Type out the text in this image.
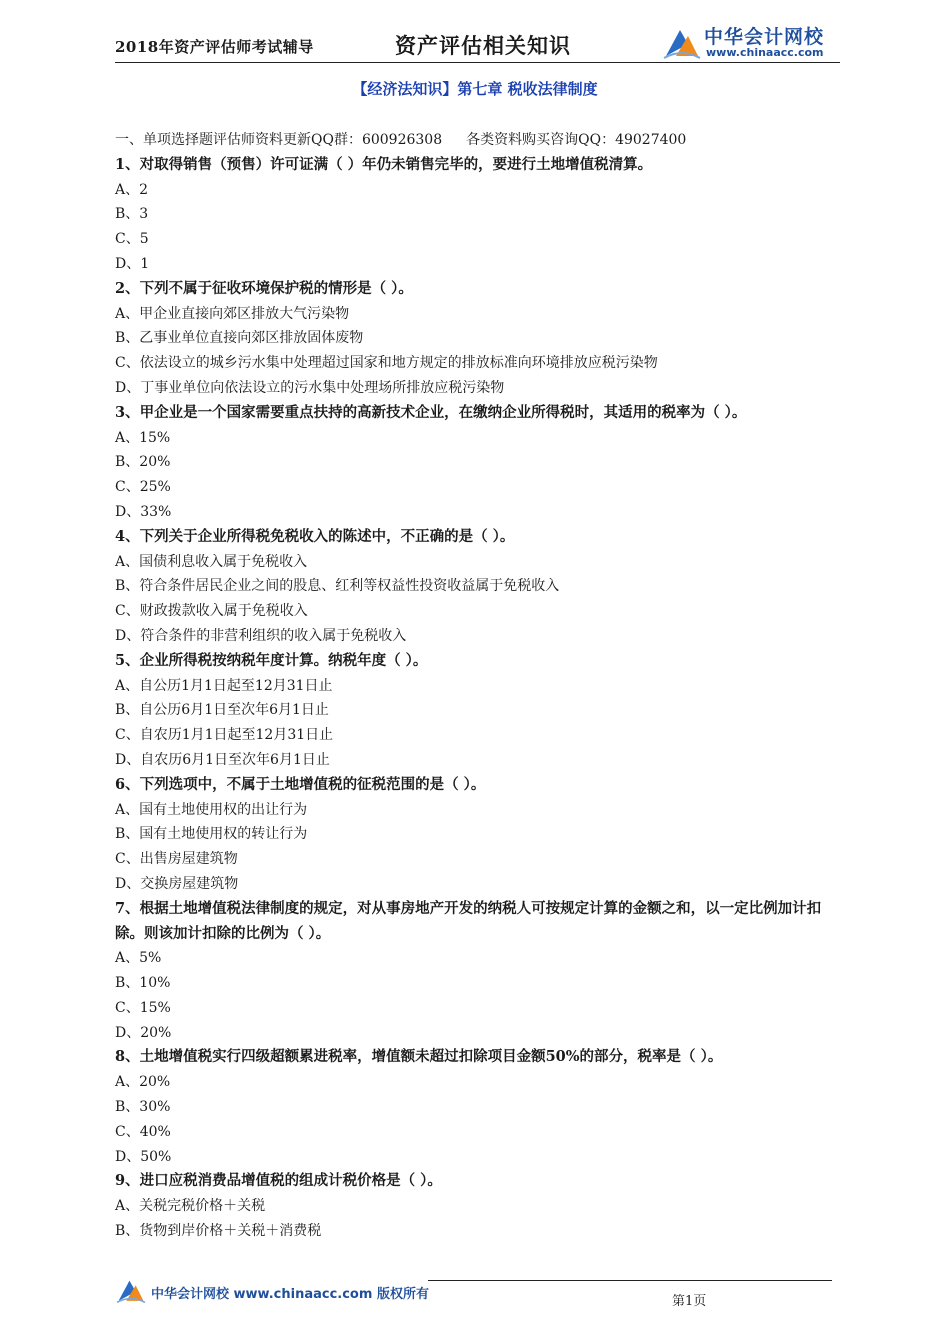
2018年资产评估师考试辅导	资产评估相关知识	中华会计网校
www.chinaacc.com
【经济法知识】第七章 税收法律制度
一、单项选择题评估师资料更新QQ群：600926308 各类资料购买咨询QQ：49027400
1、对取得销售（预售）许可证满（ ）年仍未销售完毕的，要进行土地增值税清算。
A、2
B、3
C、5
D、1
2、下列不属于征收环境保护税的情形是（ ）。
A、甲企业直接向郊区排放大气污染物
B、乙事业单位直接向郊区排放固体废物
C、依法设立的城乡污水集中处理超过国家和地方规定的排放标准向环境排放应税污染物
D、丁事业单位向依法设立的污水集中处理场所排放应税污染物
3、甲企业是一个国家需要重点扶持的高新技术企业，在缴纳企业所得税时，其适用的税率为（ ）。
A、15%
B、20%
C、25%
D、33%
4、下列关于企业所得税免税收入的陈述中，不正确的是（ ）。
A、国债利息收入属于免税收入
B、符合条件居民企业之间的股息、红利等权益性投资收益属于免税收入
C、财政拨款收入属于免税收入
D、符合条件的非营利组织的收入属于免税收入
5、企业所得税按纳税年度计算。纳税年度（ ）。
A、自公历1月1日起至12月31日止
B、自公历6月1日至次年6月1日止
C、自农历1月1日起至12月31日止
D、自农历6月1日至次年6月1日止
6、下列选项中，不属于土地增值税的征税范围的是（ ）。
A、国有土地使用权的出让行为
B、国有土地使用权的转让行为
C、出售房屋建筑物
D、交换房屋建筑物
7、根据土地增值税法律制度的规定，对从事房地产开发的纳税人可按规定计算的金额之和，以一定比例加计扣除。则该加计扣除的比例为（ ）。
A、5%
B、10%
C、15%
D、20%
8、土地增值税实行四级超额累进税率，增值额未超过扣除项目金额50%的部分，税率是（ ）。
A、20%
B、30%
C、40%
D、50%
9、进口应税消费品增值税的组成计税价格是（ ）。
A、关税完税价格＋关税
B、货物到岸价格＋关税＋消费税
中华会计网校 www.chinaacc.com 版权所有	第1页
